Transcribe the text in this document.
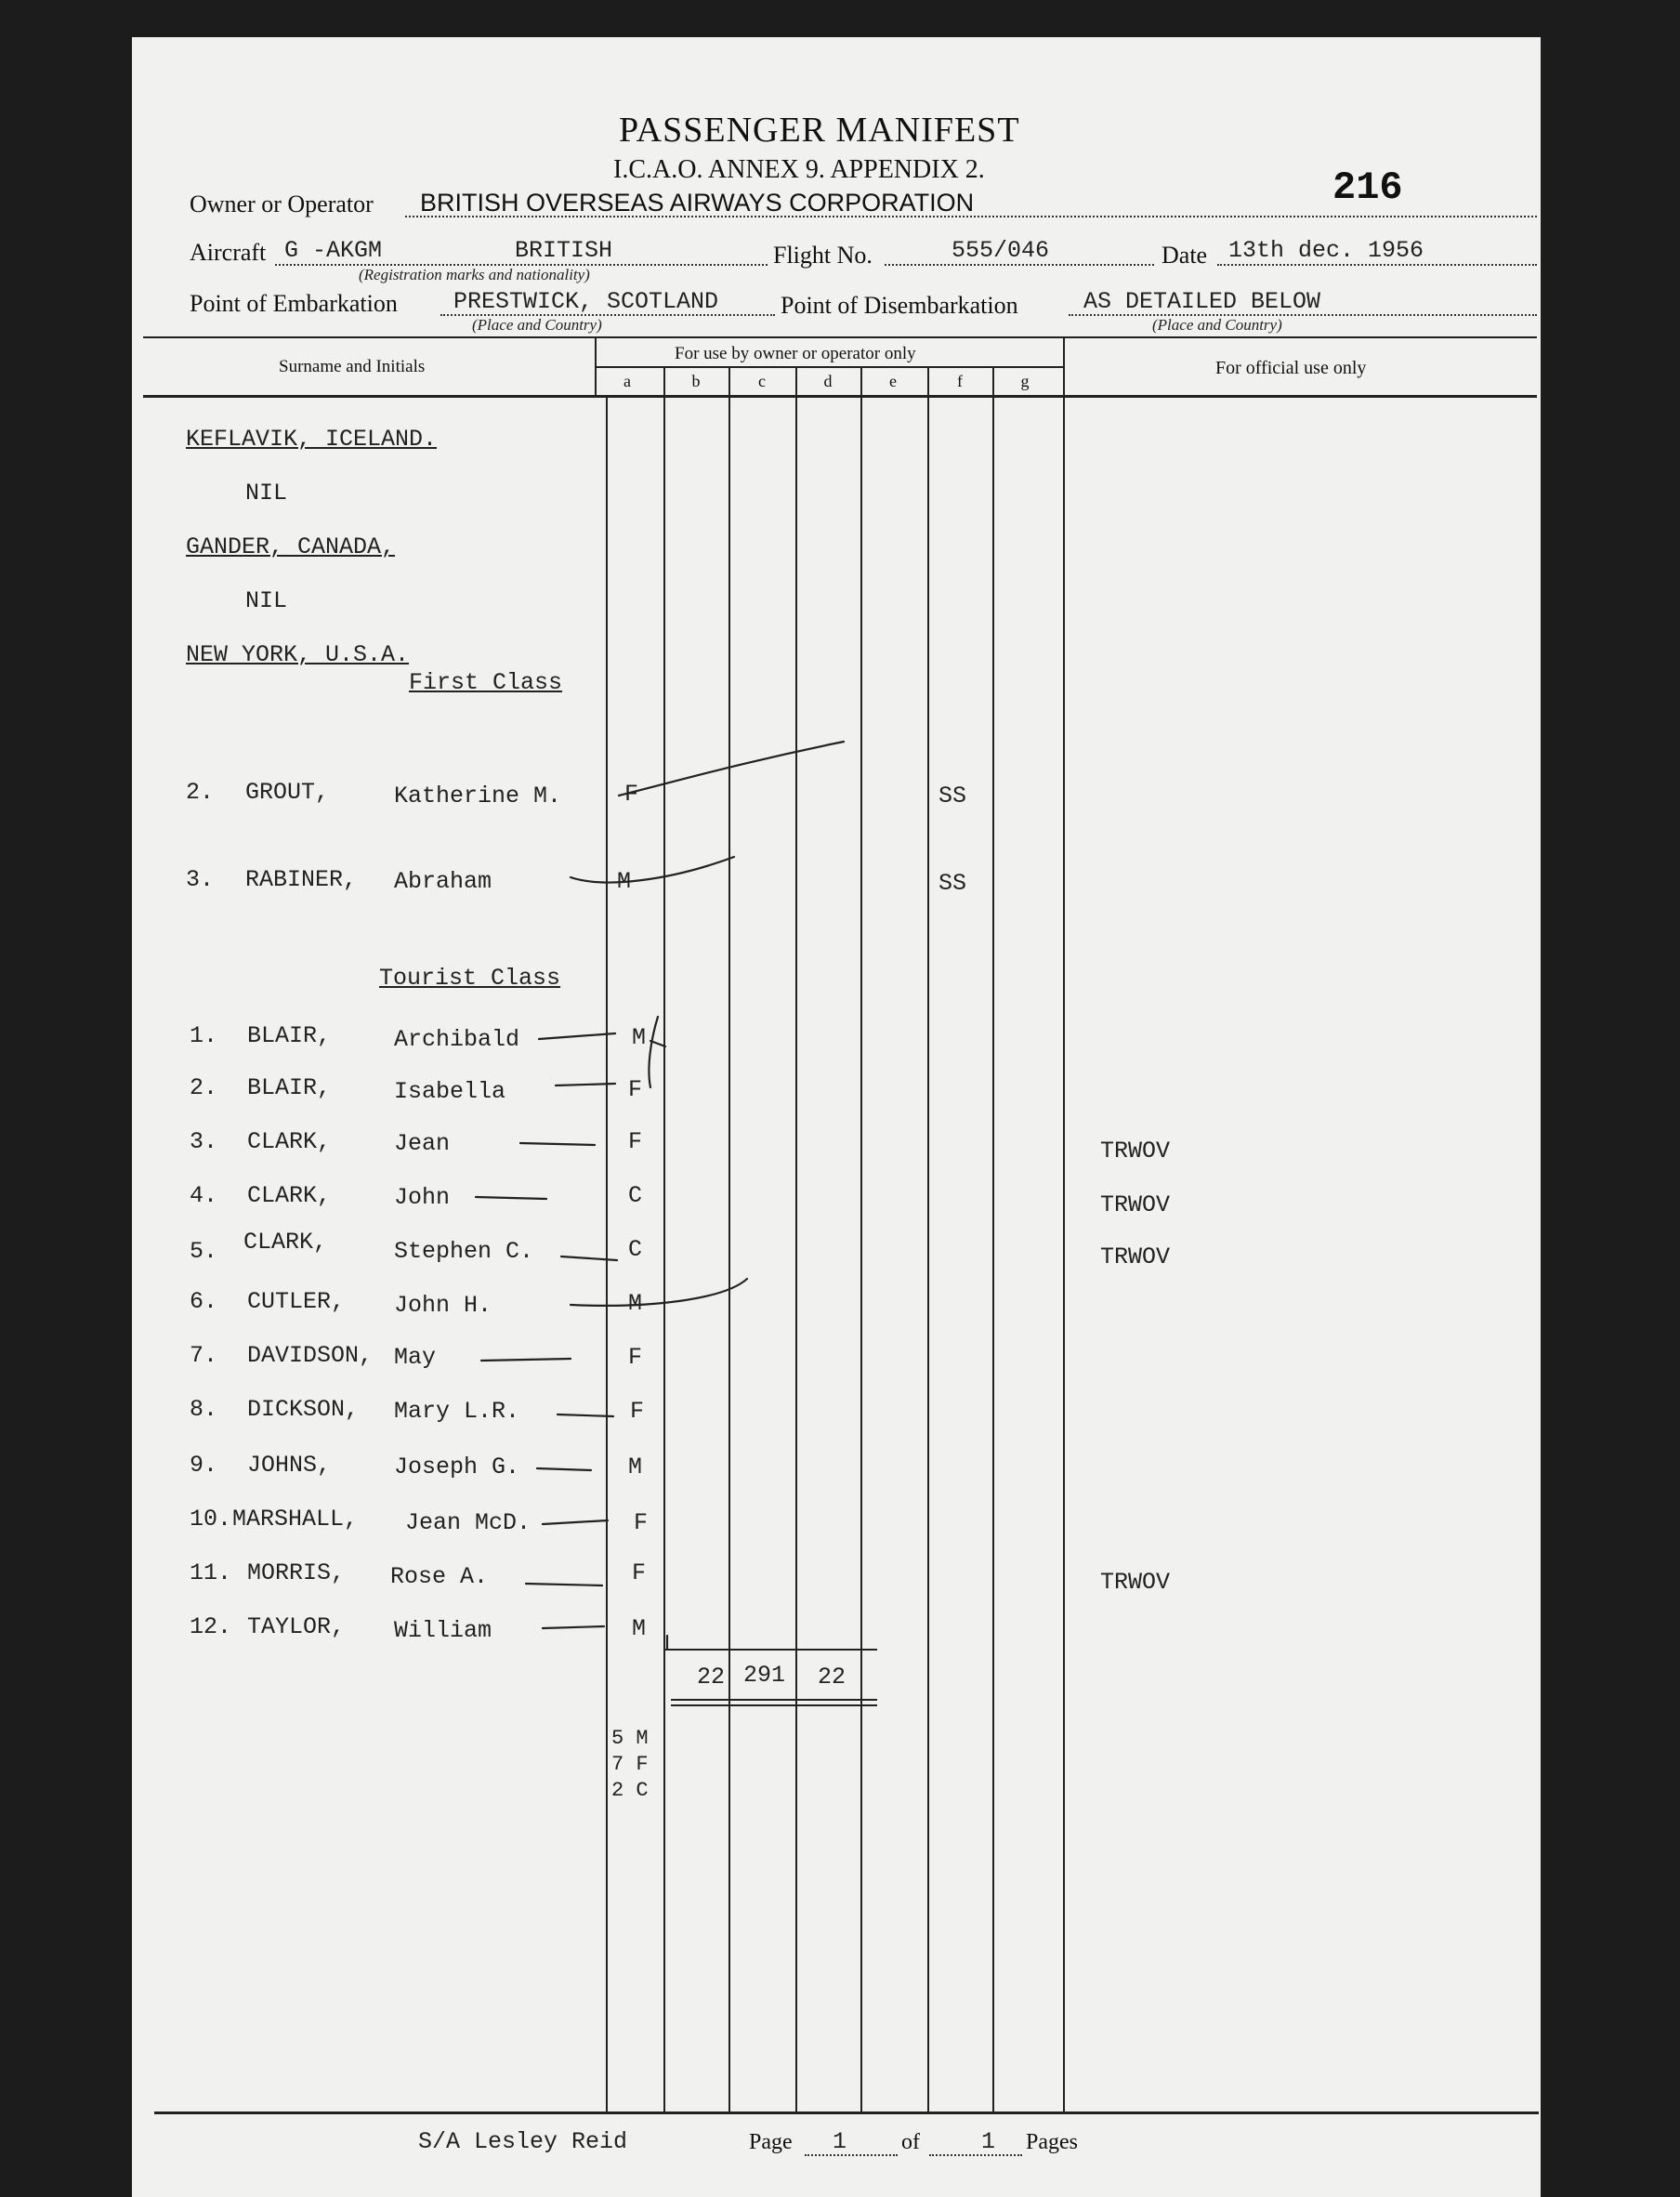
PASSENGER MANIFEST
I.C.A.O. ANNEX 9. APPENDIX 2.	216
Owner or Operator BRITISH OVERSEAS AIRWAYS CORPORATION
Aircraft G -AKGM	BRITISH
(Registration marks and nationality)
Flight No.	555/046	Date 13th dec. 1956
Point of Embarkation PRESTWICK, SCOTLAND
(Place and Country)
Point of Disembarkation	AS DETAILED BELOW
(Place and Country)
Surname and Initials
For use by owner or operator only
For official use only
a	b	c	d	e	f	g
KEFLAVIK, ICELAND.
NIL
GANDER, CANADA,
NIL
NEW YORK, U.S.A.
First Class
Tourist Class
2. GROUT,	Katherine M.	F	SS
3. RABINER, Abraham	M	SS
1. BLAIR,	Archibald	M
2. BLAIR,	Isabella	F
3. CLARK,	Jean	F	TRWOV
4. CLARK,	John	C	TRWOV
5. CLARK,	Stephen C.	C	TRWOV
6. CUTLER, John H.	M
7. DAVIDSON, May	F
8. DICKSON, Mary L.R.	F
9. JOHNS,	Joseph G.	M
10. MARSHALL, Jean McD.	F
11. MORRIS, Rose A.	F	TRWOV
12. TAYLOR, William	M
22 291 22
5 M
7 F
2 C
S/A Lesley Reid	Page 1 of	1 Pages
